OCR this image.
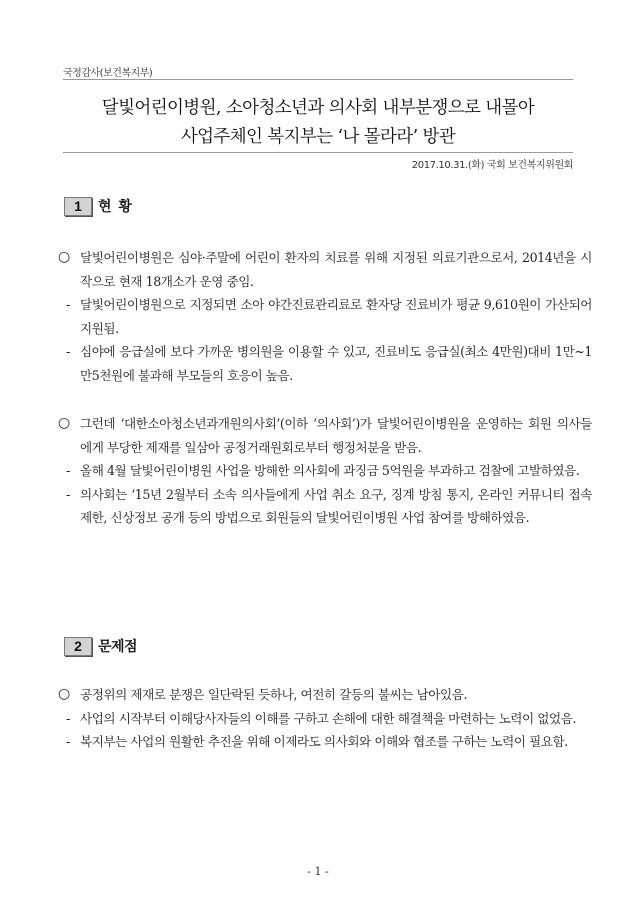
국정감사(보건복지부)
달빛어린이병원, 소아청소년과 의사회 내부분쟁으로 내몰아
사업주체인 복지부는 ‘나 몰라라’ 방관
2017.10.31.(화) 국회 보건복지위원회
1	현 황
○ 달빛어린이병원은 심야·주말에 어린이 환자의 치료를 위해 지정된 의료기관으로서, 2014년을 시작으로 현재 18개소가 운영 중임.
- 달빛어린이병원으로 지정되면 소아 야간진료관리료로 환자당 진료비가 평균 9,610원이 가산되어 지원됨.
- 심야에 응급실에 보다 가까운 병의원을 이용할 수 있고, 진료비도 응급실(최소 4만원)대비 1만~1만5천원에 불과해 부모들의 호응이 높음.
○ 그런데 ‘대한소아청소년과개원의사회’(이하 ‘의사회’)가 달빛어린이병원을 운영하는 회원 의사들에게 부당한 제재를 일삼아 공정거래원회로부터 행정처분을 받음.
- 올해 4월 달빛어린이병원 사업을 방해한 의사회에 과징금 5억원을 부과하고 검찰에 고발하였음.
- 의사회는 ‘15년 2월부터 소속 의사들에게 사업 취소 요구, 징계 방침 통지, 온라인 커뮤니티 접속 제한, 신상정보 공개 등의 방법으로 회원들의 달빛어린이병원 사업 참여를 방해하였음.
2	문제점
○ 공정위의 제재로 분쟁은 일단락된 듯하나, 여전히 갈등의 불씨는 남아있음.
- 사업의 시작부터 이해당사자들의 이해를 구하고 손해에 대한 해결책을 마련하는 노력이 없었음.
- 복지부는 사업의 원활한 추진을 위해 이제라도 의사회와 이해와 협조를 구하는 노력이 필요함.
- 1 -
